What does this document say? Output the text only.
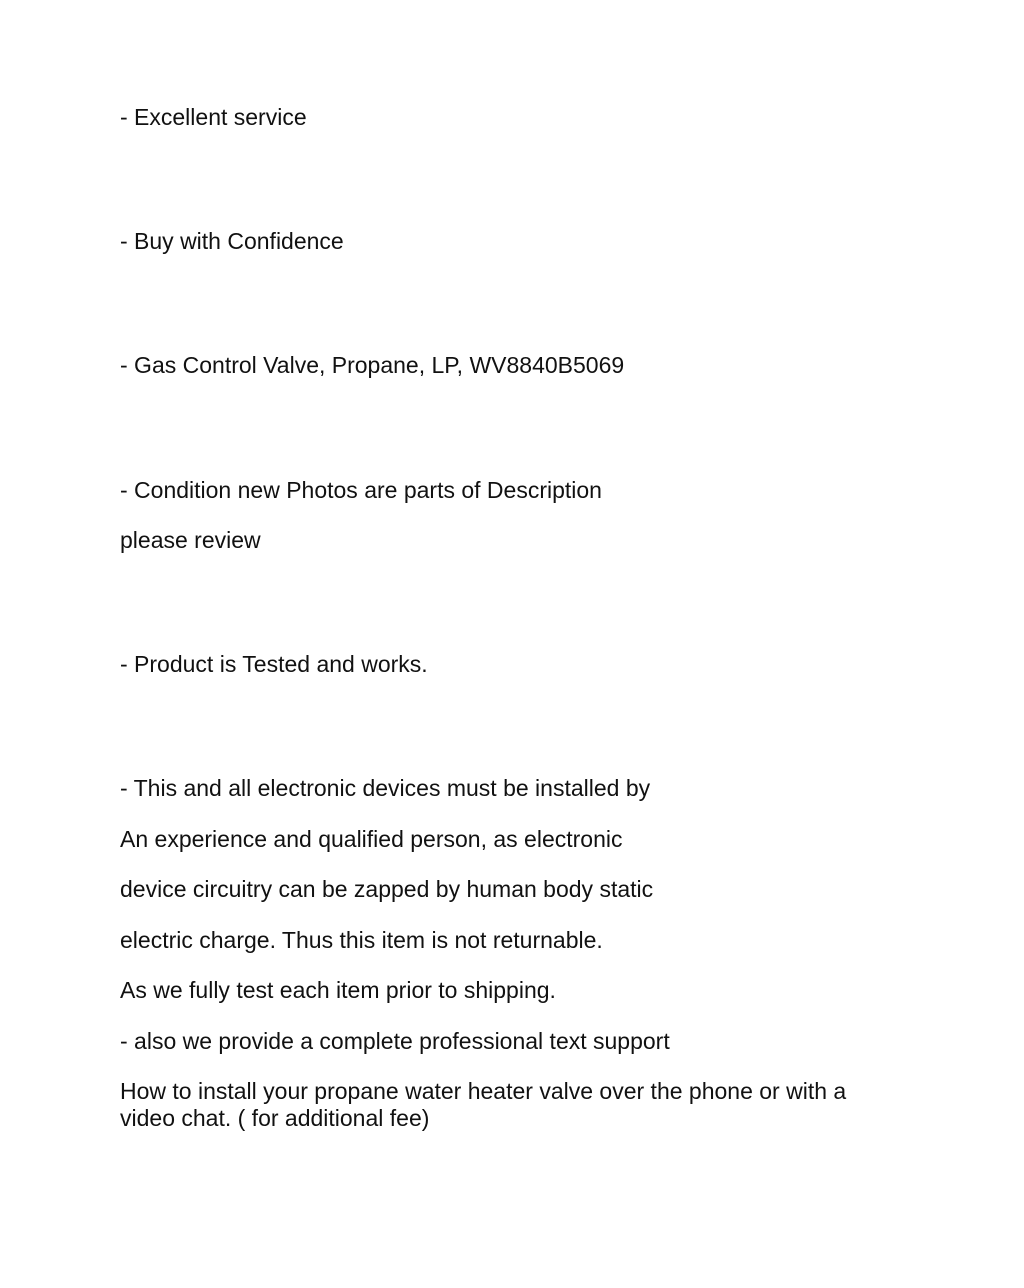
- Excellent service
- Buy with Confidence
- Gas Control Valve, Propane, LP, WV8840B5069
- Condition new Photos are parts of Description
please review
- Product is Tested and works.
- This and all electronic devices must be installed by
An experience and qualified person, as electronic
device circuitry can be zapped by human body static
electric charge. Thus this item is not returnable.
As we fully test each item prior to shipping.
- also we provide a complete professional text support
How to install your propane water heater valve over the phone or with a video chat. ( for additional fee)
